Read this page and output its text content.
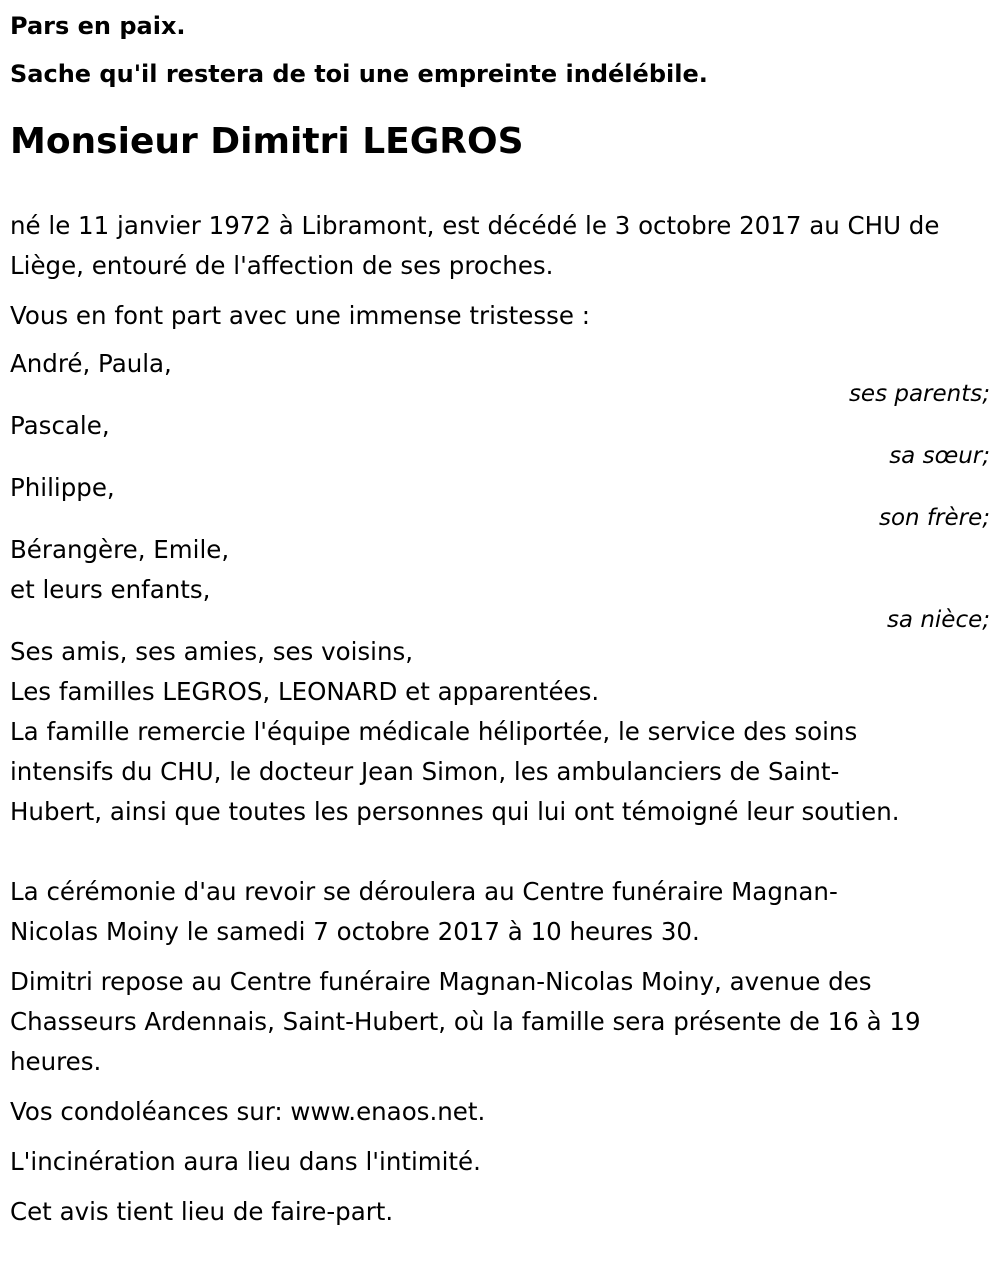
Pars en paix.

Sache qu'il restera de toi une empreinte indélébile.

Monsieur Dimitri LEGROS

né le 11 janvier 1972 à Libramont, est décédé le 3 octobre 2017 au CHU de

Liège, entouré de l'affection de ses proches.

Vous en font part avec une immense tristesse :

André, Paula,

ses parents;

Pascale,

sa sœur;

Philippe,

son frère;

Bérangère, Emile,

et leurs enfants,

sa nièce;

Ses amis, ses amies, ses voisins,

Les familles LEGROS, LEONARD et apparentées.

La famille remercie l'équipe médicale héliportée, le service des soins

intensifs du CHU, le docteur Jean Simon, les ambulanciers de Saint-

Hubert, ainsi que toutes les personnes qui lui ont témoigné leur soutien.

La cérémonie d'au revoir se déroulera au Centre funéraire Magnan-

Nicolas Moiny le samedi 7 octobre 2017 à 10 heures 30.

Dimitri repose au Centre funéraire Magnan-Nicolas Moiny, avenue des

Chasseurs Ardennais, Saint-Hubert, où la famille sera présente de 16 à 19

heures.

Vos condoléances sur: www.enaos.net.

L'incinération aura lieu dans l'intimité.

Cet avis tient lieu de faire-part.
